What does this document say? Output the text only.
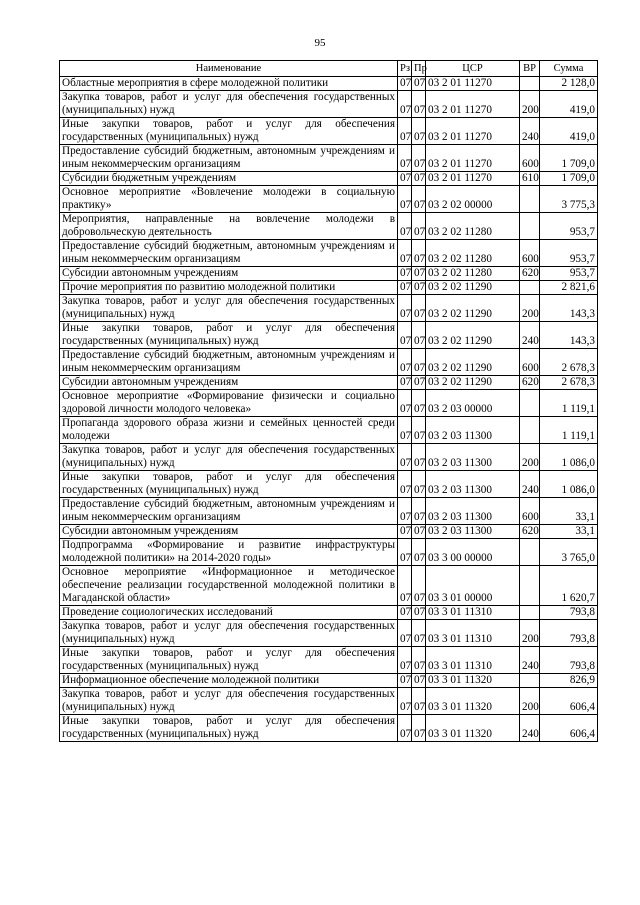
95
Наименование	Рз	Пр	ЦСР	ВР	Сумма
Областные мероприятия в сфере молодежной политики	07	07	03 2 01 11270		2 128,0
Закупка товаров, работ и услуг для обеспечения государственных (муниципальных) нужд	07	07	03 2 01 11270	200	419,0
Иные закупки товаров, работ и услуг для обеспечения государственных (муниципальных) нужд	07	07	03 2 01 11270	240	419,0
Предоставление субсидий бюджетным, автономным учреждениям и иным некоммерческим организациям	07	07	03 2 01 11270	600	1 709,0
Субсидии бюджетным учреждениям	07	07	03 2 01 11270	610	1 709,0
Основное мероприятие «Вовлечение молодежи в социальную практику»	07	07	03 2 02 00000		3 775,3
Мероприятия, направленные на вовлечение молодежи в добровольческую деятельность	07	07	03 2 02 11280		953,7
Предоставление субсидий бюджетным, автономным учреждениям и иным некоммерческим организациям	07	07	03 2 02 11280	600	953,7
Субсидии автономным учреждениям	07	07	03 2 02 11280	620	953,7
Прочие мероприятия по развитию молодежной политики	07	07	03 2 02 11290		2 821,6
Закупка товаров, работ и услуг для обеспечения государственных (муниципальных) нужд	07	07	03 2 02 11290	200	143,3
Иные закупки товаров, работ и услуг для обеспечения государственных (муниципальных) нужд	07	07	03 2 02 11290	240	143,3
Предоставление субсидий бюджетным, автономным учреждениям и иным некоммерческим организациям	07	07	03 2 02 11290	600	2 678,3
Субсидии автономным учреждениям	07	07	03 2 02 11290	620	2 678,3
Основное мероприятие «Формирование физически и социально здоровой личности молодого человека»	07	07	03 2 03 00000		1 119,1
Пропаганда здорового образа жизни и семейных ценностей среди молодежи	07	07	03 2 03 11300		1 119,1
Закупка товаров, работ и услуг для обеспечения государственных (муниципальных) нужд	07	07	03 2 03 11300	200	1 086,0
Иные закупки товаров, работ и услуг для обеспечения государственных (муниципальных) нужд	07	07	03 2 03 11300	240	1 086,0
Предоставление субсидий бюджетным, автономным учреждениям и иным некоммерческим организациям	07	07	03 2 03 11300	600	33,1
Субсидии автономным учреждениям	07	07	03 2 03 11300	620	33,1
Подпрограмма «Формирование и развитие инфраструктуры молодежной политики» на 2014-2020 годы»	07	07	03 3 00 00000		3 765,0
Основное мероприятие «Информационное и методическое обеспечение реализации государственной молодежной политики в Магаданской области»	07	07	03 3 01 00000		1 620,7
Проведение социологических исследований	07	07	03 3 01 11310		793,8
Закупка товаров, работ и услуг для обеспечения государственных (муниципальных) нужд	07	07	03 3 01 11310	200	793,8
Иные закупки товаров, работ и услуг для обеспечения государственных (муниципальных) нужд	07	07	03 3 01 11310	240	793,8
Информационное обеспечение молодежной политики	07	07	03 3 01 11320		826,9
Закупка товаров, работ и услуг для обеспечения государственных (муниципальных) нужд	07	07	03 3 01 11320	200	606,4
Иные закупки товаров, работ и услуг для обеспечения государственных (муниципальных) нужд	07	07	03 3 01 11320	240	606,4
